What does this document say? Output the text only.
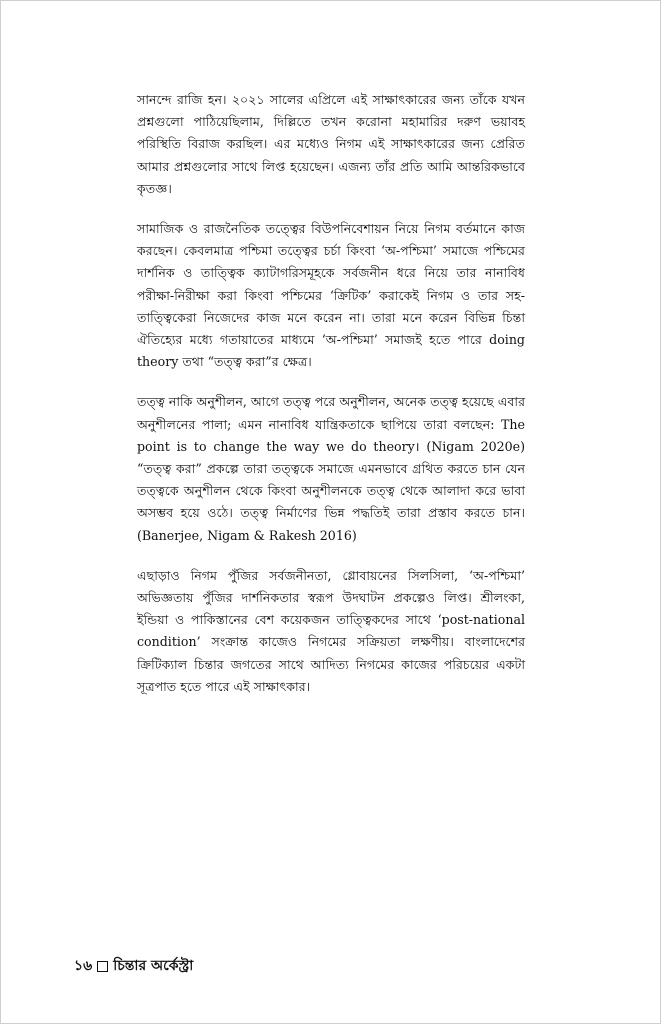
সানন্দে রাজি হন। ২০২১ সালের এপ্রিলে এই সাক্ষাৎকারের জন্য তাঁকে যখন প্রশ্নগুলো পাঠিয়েছিলাম, দিল্লিতে তখন করোনা মহামারির দরুণ ভয়াবহ পরিস্থিতি বিরাজ করছিল। এর মধ্যেও নিগম এই সাক্ষাৎকারের জন্য প্রেরিত আমার প্রশ্নগুলোর সাথে লিপ্ত হয়েছেন। এজন্য তাঁর প্রতি আমি আন্তরিকভাবে কৃতজ্ঞ।

সামাজিক ও রাজনৈতিক তত্ত্বের বিউপনিবেশায়ন নিয়ে নিগম বর্তমানে কাজ করছেন। কেবলমাত্র পশ্চিমা তত্ত্বের চর্চা কিংবা ‘অ-পশ্চিমা’ সমাজে পশ্চিমের দার্শনিক ও তাত্ত্বিক ক্যাটাগরিসমূহকে সর্বজনীন ধরে নিয়ে তার নানাবিধ পরীক্ষা-নিরীক্ষা করা কিংবা পশ্চিমের ‘ক্রিটিক’ করাকেই নিগম ও তার সহ-তাত্ত্বিকেরা নিজেদের কাজ মনে করেন না। তারা মনে করেন বিভিন্ন চিন্তা ঐতিহ্যের মধ্যে গতায়াতের মাধ্যমে ‘অ-পশ্চিমা’ সমাজই হতে পারে doing theory তথা “তত্ত্ব করা”র ক্ষেত্র।

তত্ত্ব নাকি অনুশীলন, আগে তত্ত্ব পরে অনুশীলন, অনেক তত্ত্ব হয়েছে এবার অনুশীলনের পালা; এমন নানাবিধ যান্ত্রিকতাকে ছাপিয়ে তারা বলছেন: The point is to change the way we do theory। (Nigam 2020e) “তত্ত্ব করা” প্রকল্পে তারা তত্ত্বকে সমাজে এমনভাবে গ্রথিত করতে চান যেন তত্ত্বকে অনুশীলন থেকে কিংবা অনুশীলনকে তত্ত্ব থেকে আলাদা করে ভাবা অসম্ভব হয়ে ওঠে। তত্ত্ব নির্মাণের ভিন্ন পদ্ধতিই তারা প্রস্তাব করতে চান। (Banerjee, Nigam & Rakesh 2016)

এছাড়াও নিগম পুঁজির সর্বজনীনতা, গ্লোবায়নের সিলসিলা, ‘অ-পশ্চিমা’ অভিজ্ঞতায় পুঁজির দার্শনিকতার স্বরূপ উদঘাটন প্রকল্পেও লিপ্ত। শ্রীলংকা, ইন্ডিয়া ও পাকিস্তানের বেশ কয়েকজন তাত্ত্বিকদের সাথে ‘post-national condition’ সংক্রান্ত কাজেও নিগমের সক্রিয়তা লক্ষণীয়। বাংলাদেশের ক্রিটিক্যাল চিন্তার জগতের সাথে আদিত্য নিগমের কাজের পরিচয়ের একটা সূত্রপাত হতে পারে এই সাক্ষাৎকার।

১৬ চিন্তার অর্কেস্ট্রা
